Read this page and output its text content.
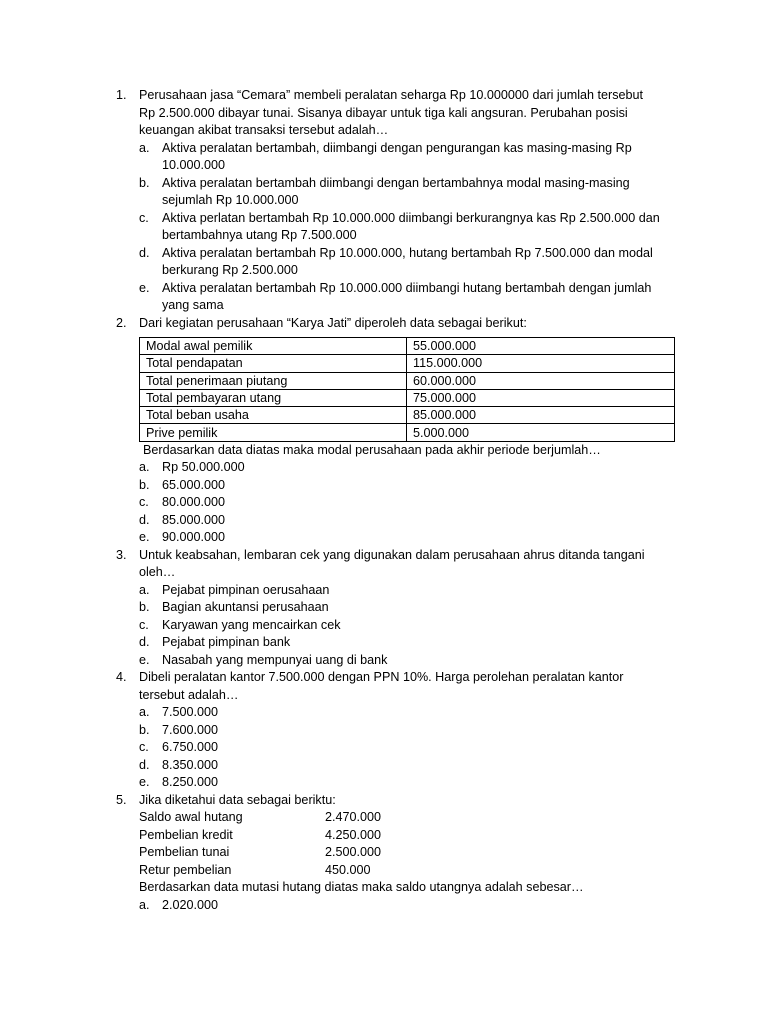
1. Perusahaan jasa “Cemara” membeli peralatan seharga Rp 10.000000 dari jumlah tersebut
Rp 2.500.000 dibayar tunai. Sisanya dibayar untuk tiga kali angsuran. Perubahan posisi
keuangan akibat transaksi tersebut adalah…
a. Aktiva peralatan bertambah, diimbangi dengan pengurangan kas masing-masing Rp
10.000.000
b. Aktiva peralatan bertambah diimbangi dengan bertambahnya modal masing-masing
sejumlah Rp 10.000.000
c. Aktiva perlatan bertambah Rp 10.000.000 diimbangi berkurangnya kas Rp 2.500.000 dan
bertambahnya utang Rp 7.500.000
d. Aktiva peralatan bertambah Rp 10.000.000, hutang bertambah Rp 7.500.000 dan modal
berkurang Rp 2.500.000
e. Aktiva peralatan bertambah Rp 10.000.000 diimbangi hutang bertambah dengan jumlah
yang sama
2. Dari kegiatan perusahaan “Karya Jati” diperoleh data sebagai berikut:
Modal awal pemilik	55.000.000
Total pendapatan	115.000.000
Total penerimaan piutang	60.000.000
Total pembayaran utang	75.000.000
Total beban usaha	85.000.000
Prive pemilik	5.000.000
Berdasarkan data diatas maka modal perusahaan pada akhir periode berjumlah…
a. Rp 50.000.000
b. 65.000.000
c. 80.000.000
d. 85.000.000
e. 90.000.000
3. Untuk keabsahan, lembaran cek yang digunakan dalam perusahaan ahrus ditanda tangani
oleh…
a. Pejabat pimpinan oerusahaan
b. Bagian akuntansi perusahaan
c. Karyawan yang mencairkan cek
d. Pejabat pimpinan bank
e. Nasabah yang mempunyai uang di bank
4. Dibeli peralatan kantor 7.500.000 dengan PPN 10%. Harga perolehan peralatan kantor
tersebut adalah…
a. 7.500.000
b. 7.600.000
c. 6.750.000
d. 8.350.000
e. 8.250.000
5. Jika diketahui data sebagai beriktu:
Saldo awal hutang	2.470.000
Pembelian kredit	4.250.000
Pembelian tunai	2.500.000
Retur pembelian	450.000
Berdasarkan data mutasi hutang diatas maka saldo utangnya adalah sebesar…
a. 2.020.000
